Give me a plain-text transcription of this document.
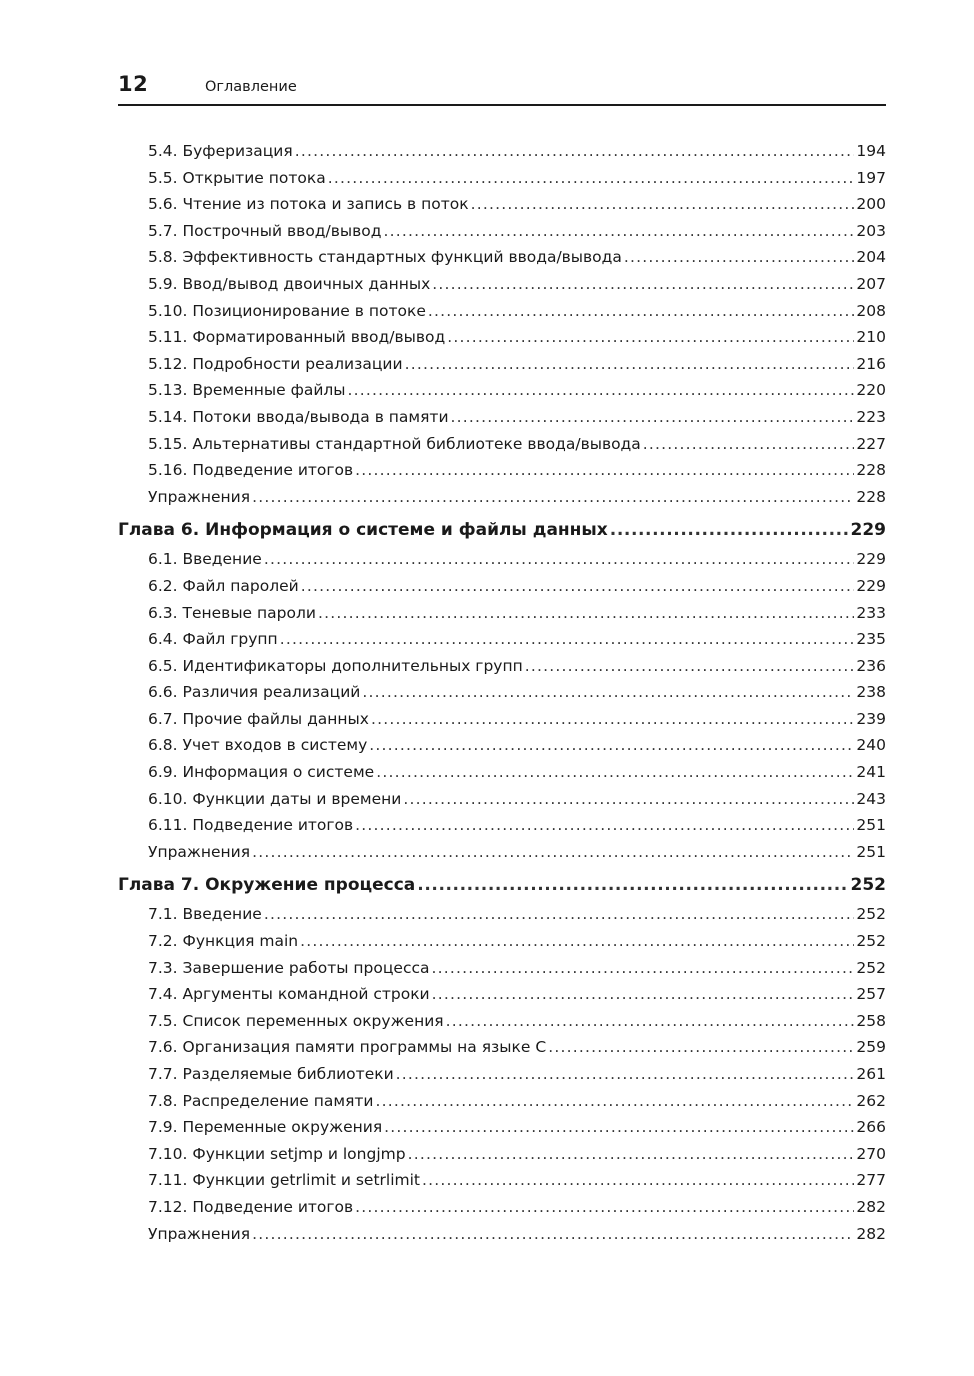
12	Оглавление
5.4. Буферизация .....	194
5.5. Открытие потока .....	197
5.6. Чтение из потока и запись в поток .....	200
5.7. Построчный ввод/вывод .....	203
5.8. Эффективность стандартных функций ввода/вывода .....	204
5.9. Ввод/вывод двоичных данных .....	207
5.10. Позиционирование в потоке .....	208
5.11. Форматированный ввод/вывод .....	210
5.12. Подробности реализации .....	216
5.13. Временные файлы .....	220
5.14. Потоки ввода/вывода в памяти .....	223
5.15. Альтернативы стандартной библиотеке ввода/вывода .....	227
5.16. Подведение итогов .....	228
Упражнения .....	228
Глава 6. Информация о системе и файлы данных .....	229
6.1. Введение .....	229
6.2. Файл паролей .....	229
6.3. Теневые пароли .....	233
6.4. Файл групп .....	235
6.5. Идентификаторы дополнительных групп .....	236
6.6. Различия реализаций .....	238
6.7. Прочие файлы данных .....	239
6.8. Учет входов в систему .....	240
6.9. Информация о системе .....	241
6.10. Функции даты и времени .....	243
6.11. Подведение итогов .....	251
Упражнения .....	251
Глава 7. Окружение процесса .....	252
7.1. Введение .....	252
7.2. Функция main .....	252
7.3. Завершение работы процесса .....	252
7.4. Аргументы командной строки .....	257
7.5. Список переменных окружения .....	258
7.6. Организация памяти программы на языке C .....	259
7.7. Разделяемые библиотеки .....	261
7.8. Распределение памяти .....	262
7.9. Переменные окружения .....	266
7.10. Функции setjmp и longjmp .....	270
7.11. Функции getrlimit и setrlimit .....	277
7.12. Подведение итогов .....	282
Упражнения .....	282
